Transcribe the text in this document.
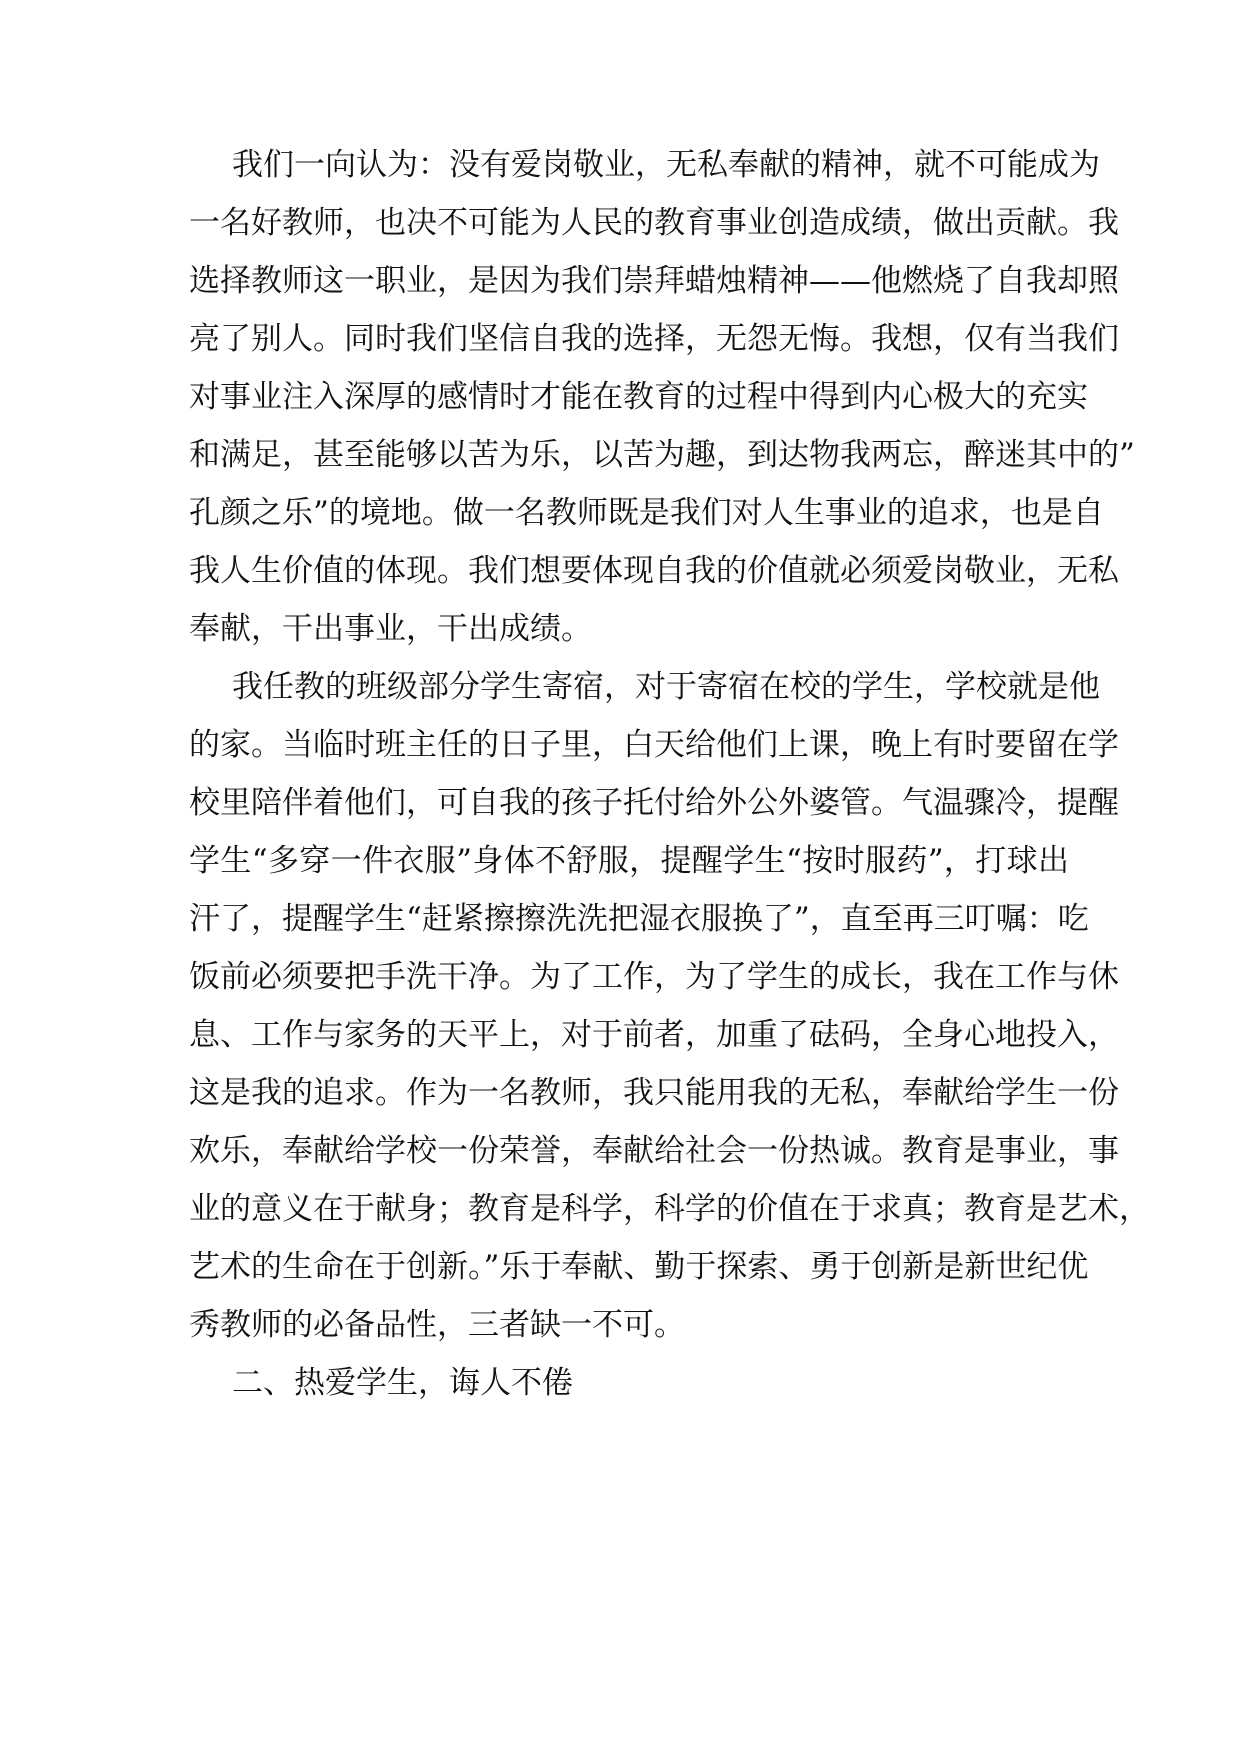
我们一向认为：没有爱岗敬业，无私奉献的精神，就不可能成为
一名好教师，也决不可能为人民的教育事业创造成绩，做出贡献。我
选择教师这一职业，是因为我们崇拜蜡烛精神——他燃烧了自我却照
亮了别人。同时我们坚信自我的选择，无怨无悔。我想，仅有当我们
对事业注入深厚的感情时才能在教育的过程中得到内心极大的充实
和满足，甚至能够以苦为乐，以苦为趣，到达物我两忘，醉迷其中的”
孔颜之乐”的境地。做一名教师既是我们对人生事业的追求，也是自
我人生价值的体现。我们想要体现自我的价值就必须爱岗敬业，无私
奉献，干出事业，干出成绩。
我任教的班级部分学生寄宿，对于寄宿在校的学生，学校就是他
的家。当临时班主任的日子里，白天给他们上课，晚上有时要留在学
校里陪伴着他们，可自我的孩子托付给外公外婆管。气温骤冷，提醒
学生“多穿一件衣服”身体不舒服，提醒学生“按时服药”，打球出
汗了，提醒学生“赶紧擦擦洗洗把湿衣服换了”，直至再三叮嘱：吃
饭前必须要把手洗干净。为了工作，为了学生的成长，我在工作与休
息、工作与家务的天平上，对于前者，加重了砝码，全身心地投入，
这是我的追求。作为一名教师，我只能用我的无私，奉献给学生一份
欢乐，奉献给学校一份荣誉，奉献给社会一份热诚。教育是事业，事
业的意义在于献身；教育是科学，科学的价值在于求真；教育是艺术，
艺术的生命在于创新。”乐于奉献、勤于探索、勇于创新是新世纪优
秀教师的必备品性，三者缺一不可。
二、热爱学生，诲人不倦
